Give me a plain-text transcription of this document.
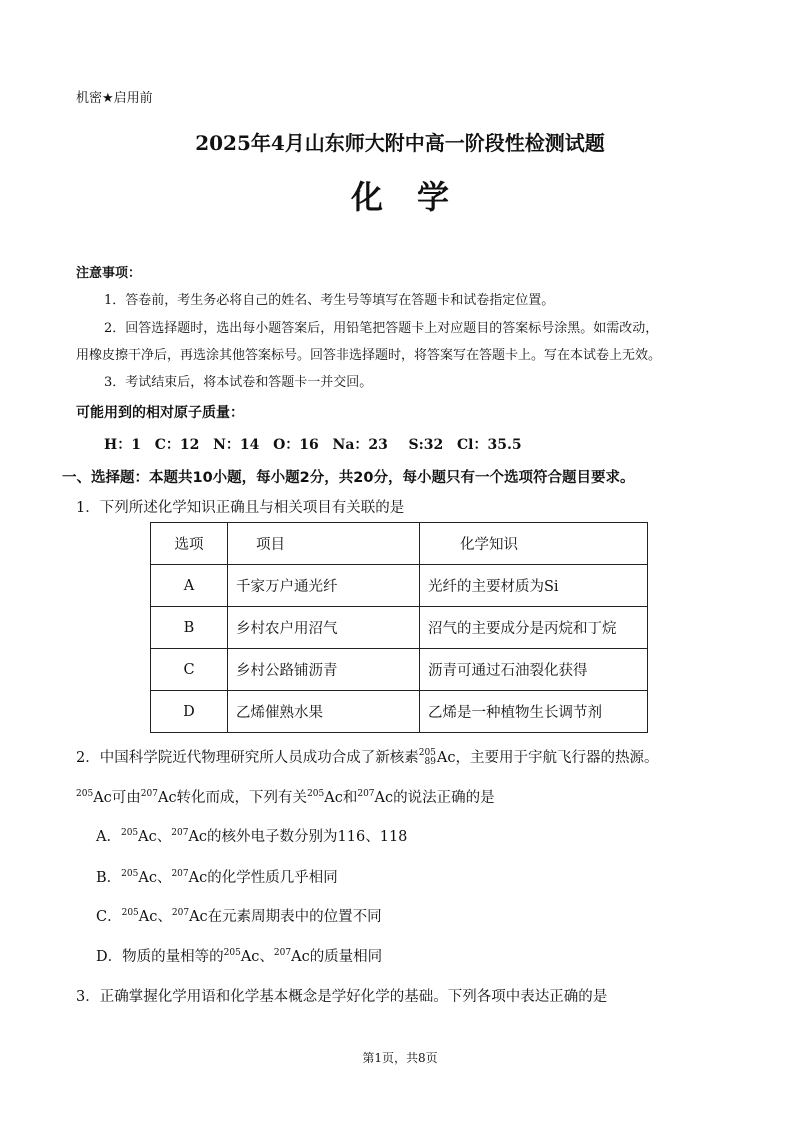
机密★启用前
2025年4月山东师大附中高一阶段性检测试题
化学
注意事项：
1．答卷前，考生务必将自己的姓名、考生号等填写在答题卡和试卷指定位置。
2．回答选择题时，选出每小题答案后，用铅笔把答题卡上对应题目的答案标号涂黑。如需改动，
用橡皮擦干净后，再选涂其他答案标号。回答非选择题时，将答案写在答题卡上。写在本试卷上无效。
3．考试结束后，将本试卷和答题卡一并交回。
可能用到的相对原子质量：
H：1  C：12  N：14  O：16  Na：23   S:32  Cl：35.5
一、选择题：本题共10小题，每小题2分，共20分，每小题只有一个选项符合题目要求。
1．下列所述化学知识正确且与相关项目有关联的是
选项	项目	化学知识
A	千家万户通光纤	光纤的主要材质为Si
B	乡村农户用沼气	沼气的主要成分是丙烷和丁烷
C	乡村公路铺沥青	沥青可通过石油裂化获得
D	乙烯催熟水果	乙烯是一种植物生长调节剂
2．中国科学院近代物理研究所人员成功合成了新核素 205
89 Ac，主要用于宇航飞行器的热源。
$^{205}$Ac可由$^{207}$Ac转化而成，下列有关$^{205}$Ac和$^{207}$Ac的说法正确的是
A．$^{205}$Ac、$^{207}$Ac的核外电子数分别为116、118
B．$^{205}$Ac、$^{207}$Ac的化学性质几乎相同
C．$^{205}$Ac、$^{207}$Ac在元素周期表中的位置不同
D．物质的量相等的$^{205}$Ac、$^{207}$Ac的质量相同
3．正确掌握化学用语和化学基本概念是学好化学的基础。下列各项中表达正确的是
第1页，共8页
